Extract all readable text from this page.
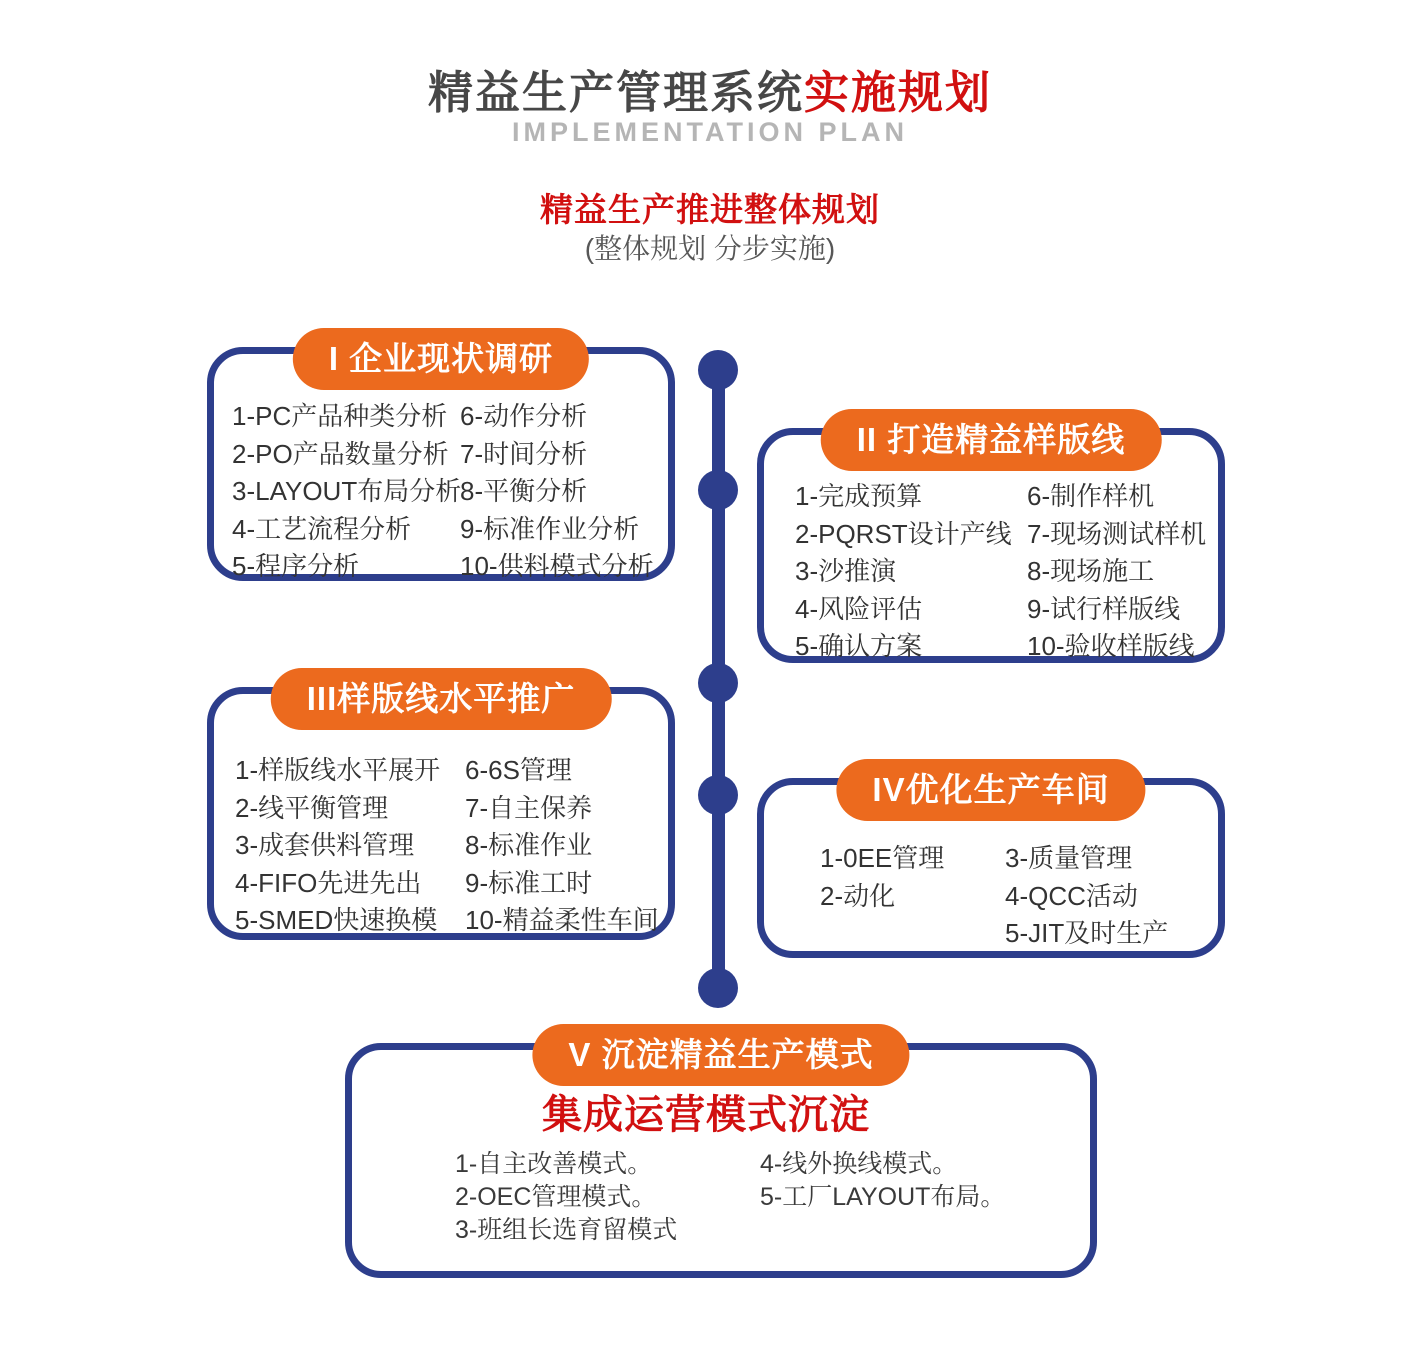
精益生产管理系统实施规划
IMPLEMENTATION PLAN
精益生产推进整体规划
(整体规划 分步实施)
I 企业现状调研
1-PC产品种类分析
2-PO产品数量分析
3-LAYOUT布局分析
4-工艺流程分析
5-程序分析
6-动作分析
7-时间分析
8-平衡分析
9-标准作业分析
10-供料模式分析
II 打造精益样版线
1-完成预算
2-PQRST设计产线
3-沙推演
4-风险评估
5-确认方案
6-制作样机
7-现场测试样机
8-现场施工
9-试行样版线
10-验收样版线
III样版线水平推广
1-样版线水平展开
2-线平衡管理
3-成套供料管理
4-FIFO先进先出
5-SMED快速换模
6-6S管理
7-自主保养
8-标准作业
9-标准工时
10-精益柔性车间
IV优化生产车间
1-0EE管理
2-动化
3-质量管理
4-QCC活动
5-JIT及时生产
V 沉淀精益生产模式
集成运营模式沉淀
1-自主改善模式。
2-OEC管理模式。
3-班组长选育留模式
4-线外换线模式。
5-工厂LAYOUT布局。
